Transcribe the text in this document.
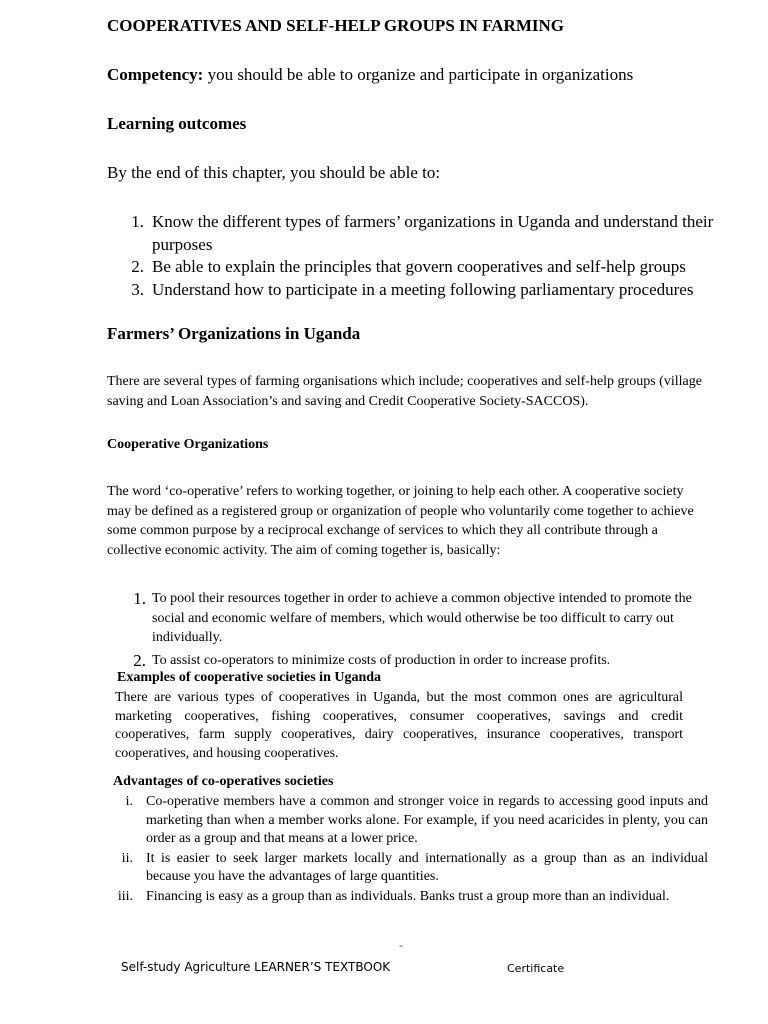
COOPERATIVES AND SELF-HELP GROUPS IN FARMING
Competency: you should be able to organize and participate in organizations
Learning outcomes
By the end of this chapter, you should be able to:
1. Know the different types of farmers’ organizations in Uganda and understand their purposes
2. Be able to explain the principles that govern cooperatives and self-help groups
3. Understand how to participate in a meeting following parliamentary procedures
Farmers’ Organizations in Uganda
There are several types of farming organisations which include; cooperatives and self-help groups (village saving and Loan Association’s and saving and Credit Cooperative Society-SACCOS).
Cooperative Organizations
The word ‘co-operative’ refers to working together, or joining to help each other. A cooperative society may be defined as a registered group or organization of people who voluntarily come together to achieve some common purpose by a reciprocal exchange of services to which they all contribute through a collective economic activity. The aim of coming together is, basically:
1. To pool their resources together in order to achieve a common objective intended to promote the social and economic welfare of members, which would otherwise be too difficult to carry out individually.
2. To assist co-operators to minimize costs of production in order to increase profits.
Examples of cooperative societies in Uganda
There are various types of cooperatives in Uganda, but the most common ones are agricultural marketing cooperatives, fishing cooperatives, consumer cooperatives, savings and credit cooperatives, farm supply cooperatives, dairy cooperatives, insurance cooperatives, transport cooperatives, and housing cooperatives.
Advantages of co-operatives societies
i. Co-operative members have a common and stronger voice in regards to accessing good inputs and marketing than when a member works alone. For example, if you need acaricides in plenty, you can order as a group and that means at a lower price.
ii. It is easier to seek larger markets locally and internationally as a group than as an individual because you have the advantages of large quantities.
iii. Financing is easy as a group than as individuals. Banks trust a group more than an individual.
-
Self-study Agriculture LEARNER’S TEXTBOOK	Certificate
